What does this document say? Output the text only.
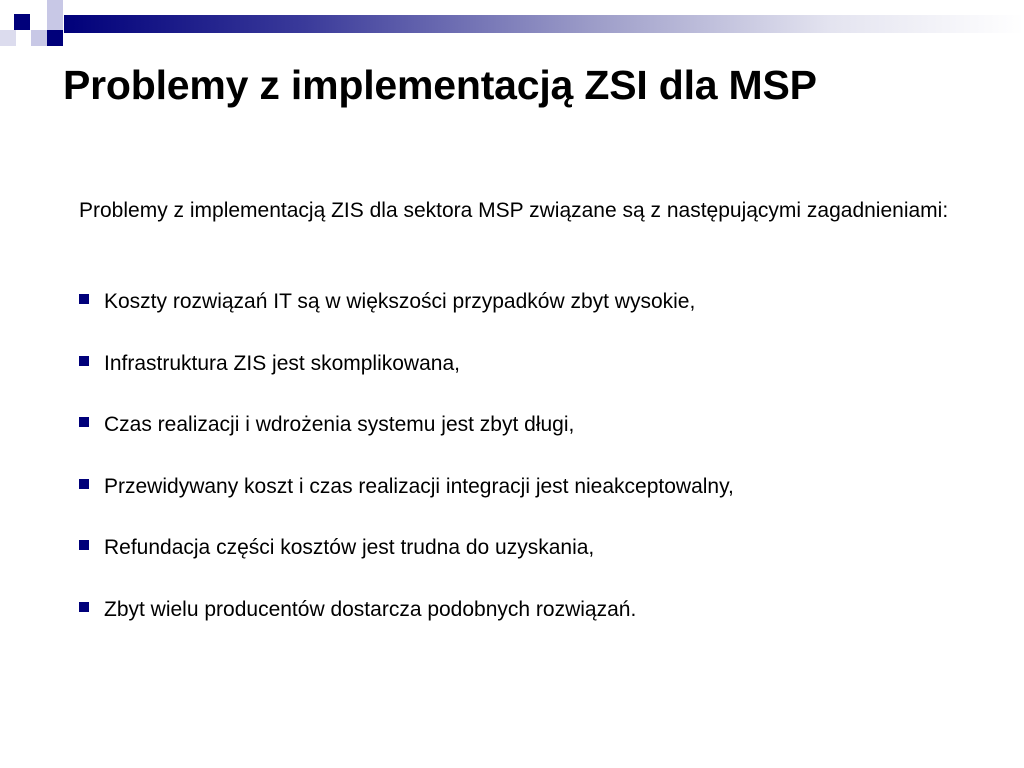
Problemy z implementacją ZSI dla MSP

Problemy z implementacją ZIS dla sektora MSP związane są z następującymi zagadnieniami:

Koszty rozwiązań IT są w większości przypadków zbyt wysokie,
Infrastruktura ZIS jest skomplikowana,
Czas realizacji i wdrożenia systemu jest zbyt długi,
Przewidywany koszt i czas realizacji integracji jest nieakceptowalny,
Refundacja części kosztów jest trudna do uzyskania,
Zbyt wielu producentów dostarcza podobnych rozwiązań.
